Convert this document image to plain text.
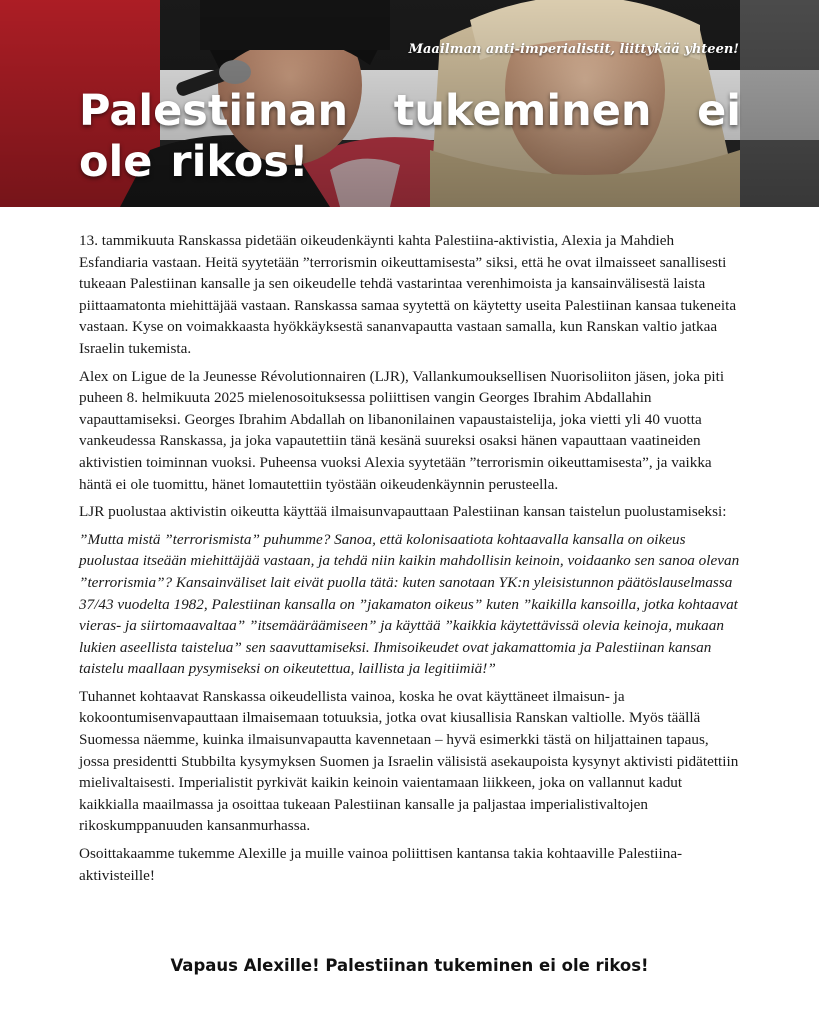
Maailman anti-imperialistit, liittykää yhteen!
Palestiinan tukeminen ei ole rikos!

13. tammikuuta Ranskassa pidetään oikeudenkäynti kahta Palestiina-aktivistia, Alexia ja Mahdieh Esfandiaria vastaan. Heitä syytetään ”terrorismin oikeuttamisesta” siksi, että he ovat ilmaisseet sanallisesti tukeaan Palestiinan kansalle ja sen oikeudelle tehdä vastarintaa verenhimoista ja kansainvälisestä laista piittaamatonta miehittäjää vastaan. Ranskassa samaa syytettä on käytetty useita Palestiinan kansaa tukeneita vastaan. Kyse on voimakkaasta hyökkäyksestä sananvapautta vastaan samalla, kun Ranskan valtio jatkaa Israelin tukemista.

Alex on Ligue de la Jeunesse Révolutionnairen (LJR), Vallankumouksellisen Nuorisoliiton jäsen, joka piti puheen 8. helmikuuta 2025 mielenosoituksessa poliittisen vangin Georges Ibrahim Abdallahin vapauttamiseksi. Georges Ibrahim Abdallah on libanonilainen vapaustaistelija, joka vietti yli 40 vuotta vankeudessa Ranskassa, ja joka vapautettiin tänä kesänä suureksi osaksi hänen vapauttaan vaatineiden aktivistien toiminnan vuoksi. Puheensa vuoksi Alexia syytetään ”terrorismin oikeuttamisesta”, ja vaikka häntä ei ole tuomittu, hänet lomautettiin työstään oikeudenkäynnin perusteella.

LJR puolustaa aktivistin oikeutta käyttää ilmaisunvapauttaan Palestiinan kansan taistelun puolustamiseksi:

”Mutta mistä ”terrorismista” puhumme? Sanoa, että kolonisaatiota kohtaavalla kansalla on oikeus puolustaa itseään miehittäjää vastaan, ja tehdä niin kaikin mahdollisin keinoin, voidaanko sen sanoa olevan ”terrorismia”? Kansainväliset lait eivät puolla tätä: kuten sanotaan YK:n yleisistunnon päätöslauselmassa 37/43 vuodelta 1982, Palestiinan kansalla on ”jakamaton oikeus” kuten ”kaikilla kansoilla, jotka kohtaavat vieras- ja siirtomaavaltaa” ”itsemääräämiseen” ja käyttää ”kaikkia käytettävissä olevia keinoja, mukaan lukien aseellista taistelua” sen saavuttamiseksi. Ihmisoikeudet ovat jakamattomia ja Palestiinan kansan taistelu maallaan pysymiseksi on oikeutettua, laillista ja legitiimiä!”

Tuhannet kohtaavat Ranskassa oikeudellista vainoa, koska he ovat käyttäneet ilmaisun- ja kokoontumisenvapauttaan ilmaisemaan totuuksia, jotka ovat kiusallisia Ranskan valtiolle. Myös täällä Suomessa näemme, kuinka ilmaisunvapautta kavennetaan – hyvä esimerkki tästä on hiljattainen tapaus, jossa presidentti Stubbilta kysymyksen Suomen ja Israelin välisistä asekaupoista kysynyt aktivisti pidätettiin mielivaltaisesti. Imperialistit pyrkivät kaikin keinoin vaientamaan liikkeen, joka on vallannut kadut kaikkialla maailmassa ja osoittaa tukeaan Palestiinan kansalle ja paljastaa imperialistivaltojen rikoskumppanuuden kansanmurhassa.

Osoittakaamme tukemme Alexille ja muille vainoa poliittisen kantansa takia kohtaaville Palestiina-aktivisteille!

Vapaus Alexille! Palestiinan tukeminen ei ole rikos!
